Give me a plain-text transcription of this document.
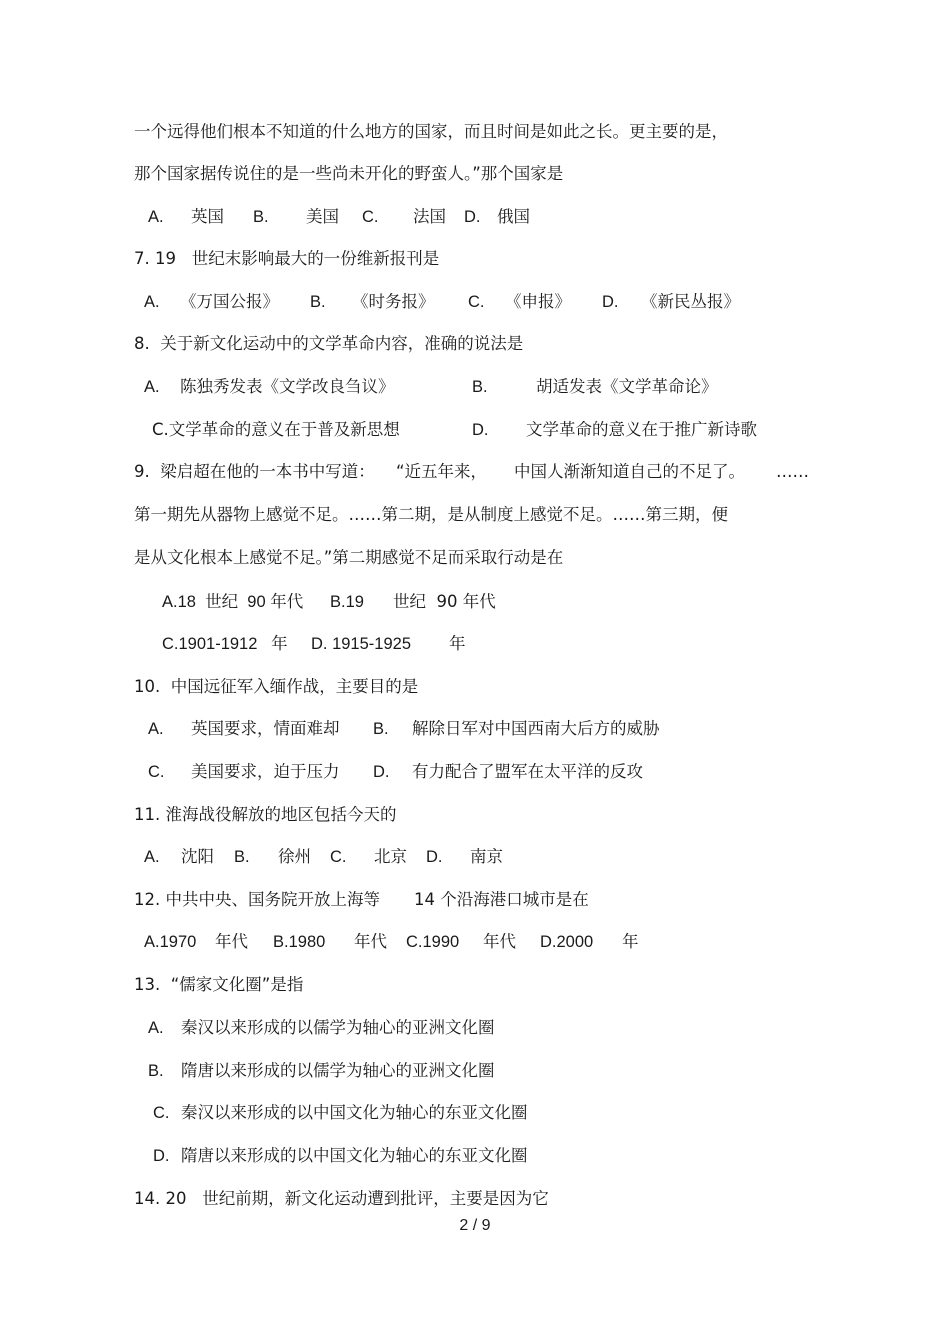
一个远得他们根本不知道的什么地方的国家，而且时间是如此之长。更主要的是，
那个国家据传说住的是一些尚未开化的野蛮人。”那个国家是
A. 英国 B. 美国 C. 法国 D. 俄国
7. 19   世纪末影响最大的一份维新报刊是
A. 《万国公报》 B. 《时务报》 C. 《申报》 D. 《新民丛报》
8.  关于新文化运动中的文学革命内容，准确的说法是
A. 陈独秀发表《文学改良刍议》	B.	胡适发表《文学革命论》
C.文学革命的意义在于普及新思想	D. 文学革命的意义在于推广新诗歌
9.  梁启超在他的一本书中写道： “近五年来， 中国人渐渐知道自己的不足了。 ……
第一期先从器物上感觉不足。……第二期，是从制度上感觉不足。……第三期，便
是从文化根本上感觉不足。”第二期感觉不足而采取行动是在
A.18  世纪  90 年代 B.19 世纪  90 年代
C.1901-1912   年 D. 1915-1925 年
10.  中国远征军入缅作战，主要目的是
A. 英国要求，情面难却 B. 解除日军对中国西南大后方的威胁
C. 美国要求，迫于压力 D. 有力配合了盟军在太平洋的反攻
11. 淮海战役解放的地区包括今天的
A. 沈阳 B. 徐州 C. 北京 D. 南京
12. 中共中央、国务院开放上海等 14 个沿海港口城市是在
A.1970 年代 B.1980 年代 C.1990 年代 D.2000 年
13.  “儒家文化圈”是指
A. 秦汉以来形成的以儒学为轴心的亚洲文化圈
B. 隋唐以来形成的以儒学为轴心的亚洲文化圈
C. 秦汉以来形成的以中国文化为轴心的东亚文化圈
D. 隋唐以来形成的以中国文化为轴心的东亚文化圈
14. 20   世纪前期，新文化运动遭到批评，主要是因为它
2 / 9
